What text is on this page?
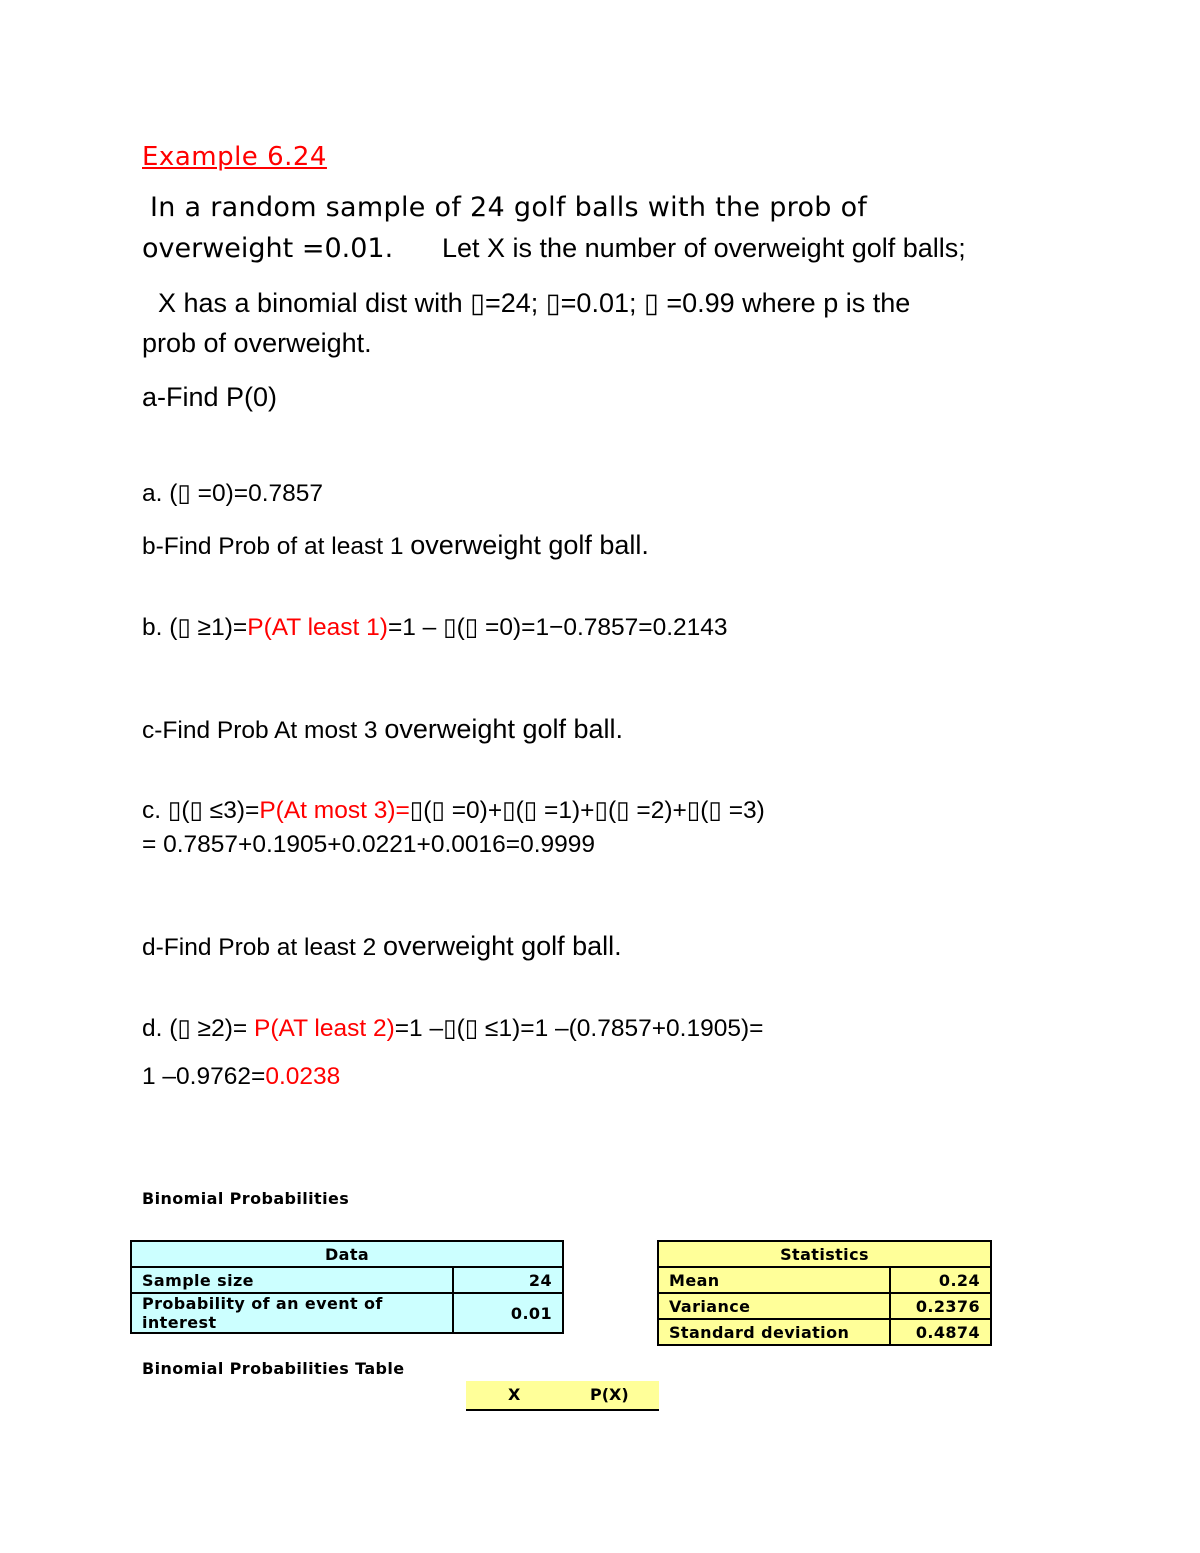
Example 6.24
In a random sample of 24 golf balls with the prob of
overweight =0.01. Let X is the number of overweight golf balls;
X has a binomial dist with ▯=24; ▯=0.01; ▯ =0.99 where p is the
prob of overweight.
a-Find P(0)
a. (▯ =0)=0.7857
b-Find Prob of at least 1 overweight golf ball.
b. (▯ ≥1)=P(AT least 1)=1 – ▯(▯ =0)=1−0.7857=0.2143
c-Find Prob At most 3 overweight golf ball.
c. ▯(▯ ≤3)=P(At most 3)=▯(▯ =0)+▯(▯ =1)+▯(▯ =2)+▯(▯ =3)
= 0.7857+0.1905+0.0221+0.0016=0.9999
d-Find Prob at least 2 overweight golf ball.
d. (▯ ≥2)= P(AT least 2)=1 –▯(▯ ≤1)=1 –(0.7857+0.1905)=
1 –0.9762=0.0238
Binomial Probabilities
Data	
Sample size	24
Probability of an event of interest	0.01
Statistics	
Mean	0.24
Variance	0.2376
Standard deviation	0.4874
Binomial Probabilities Table
X	P(X)
